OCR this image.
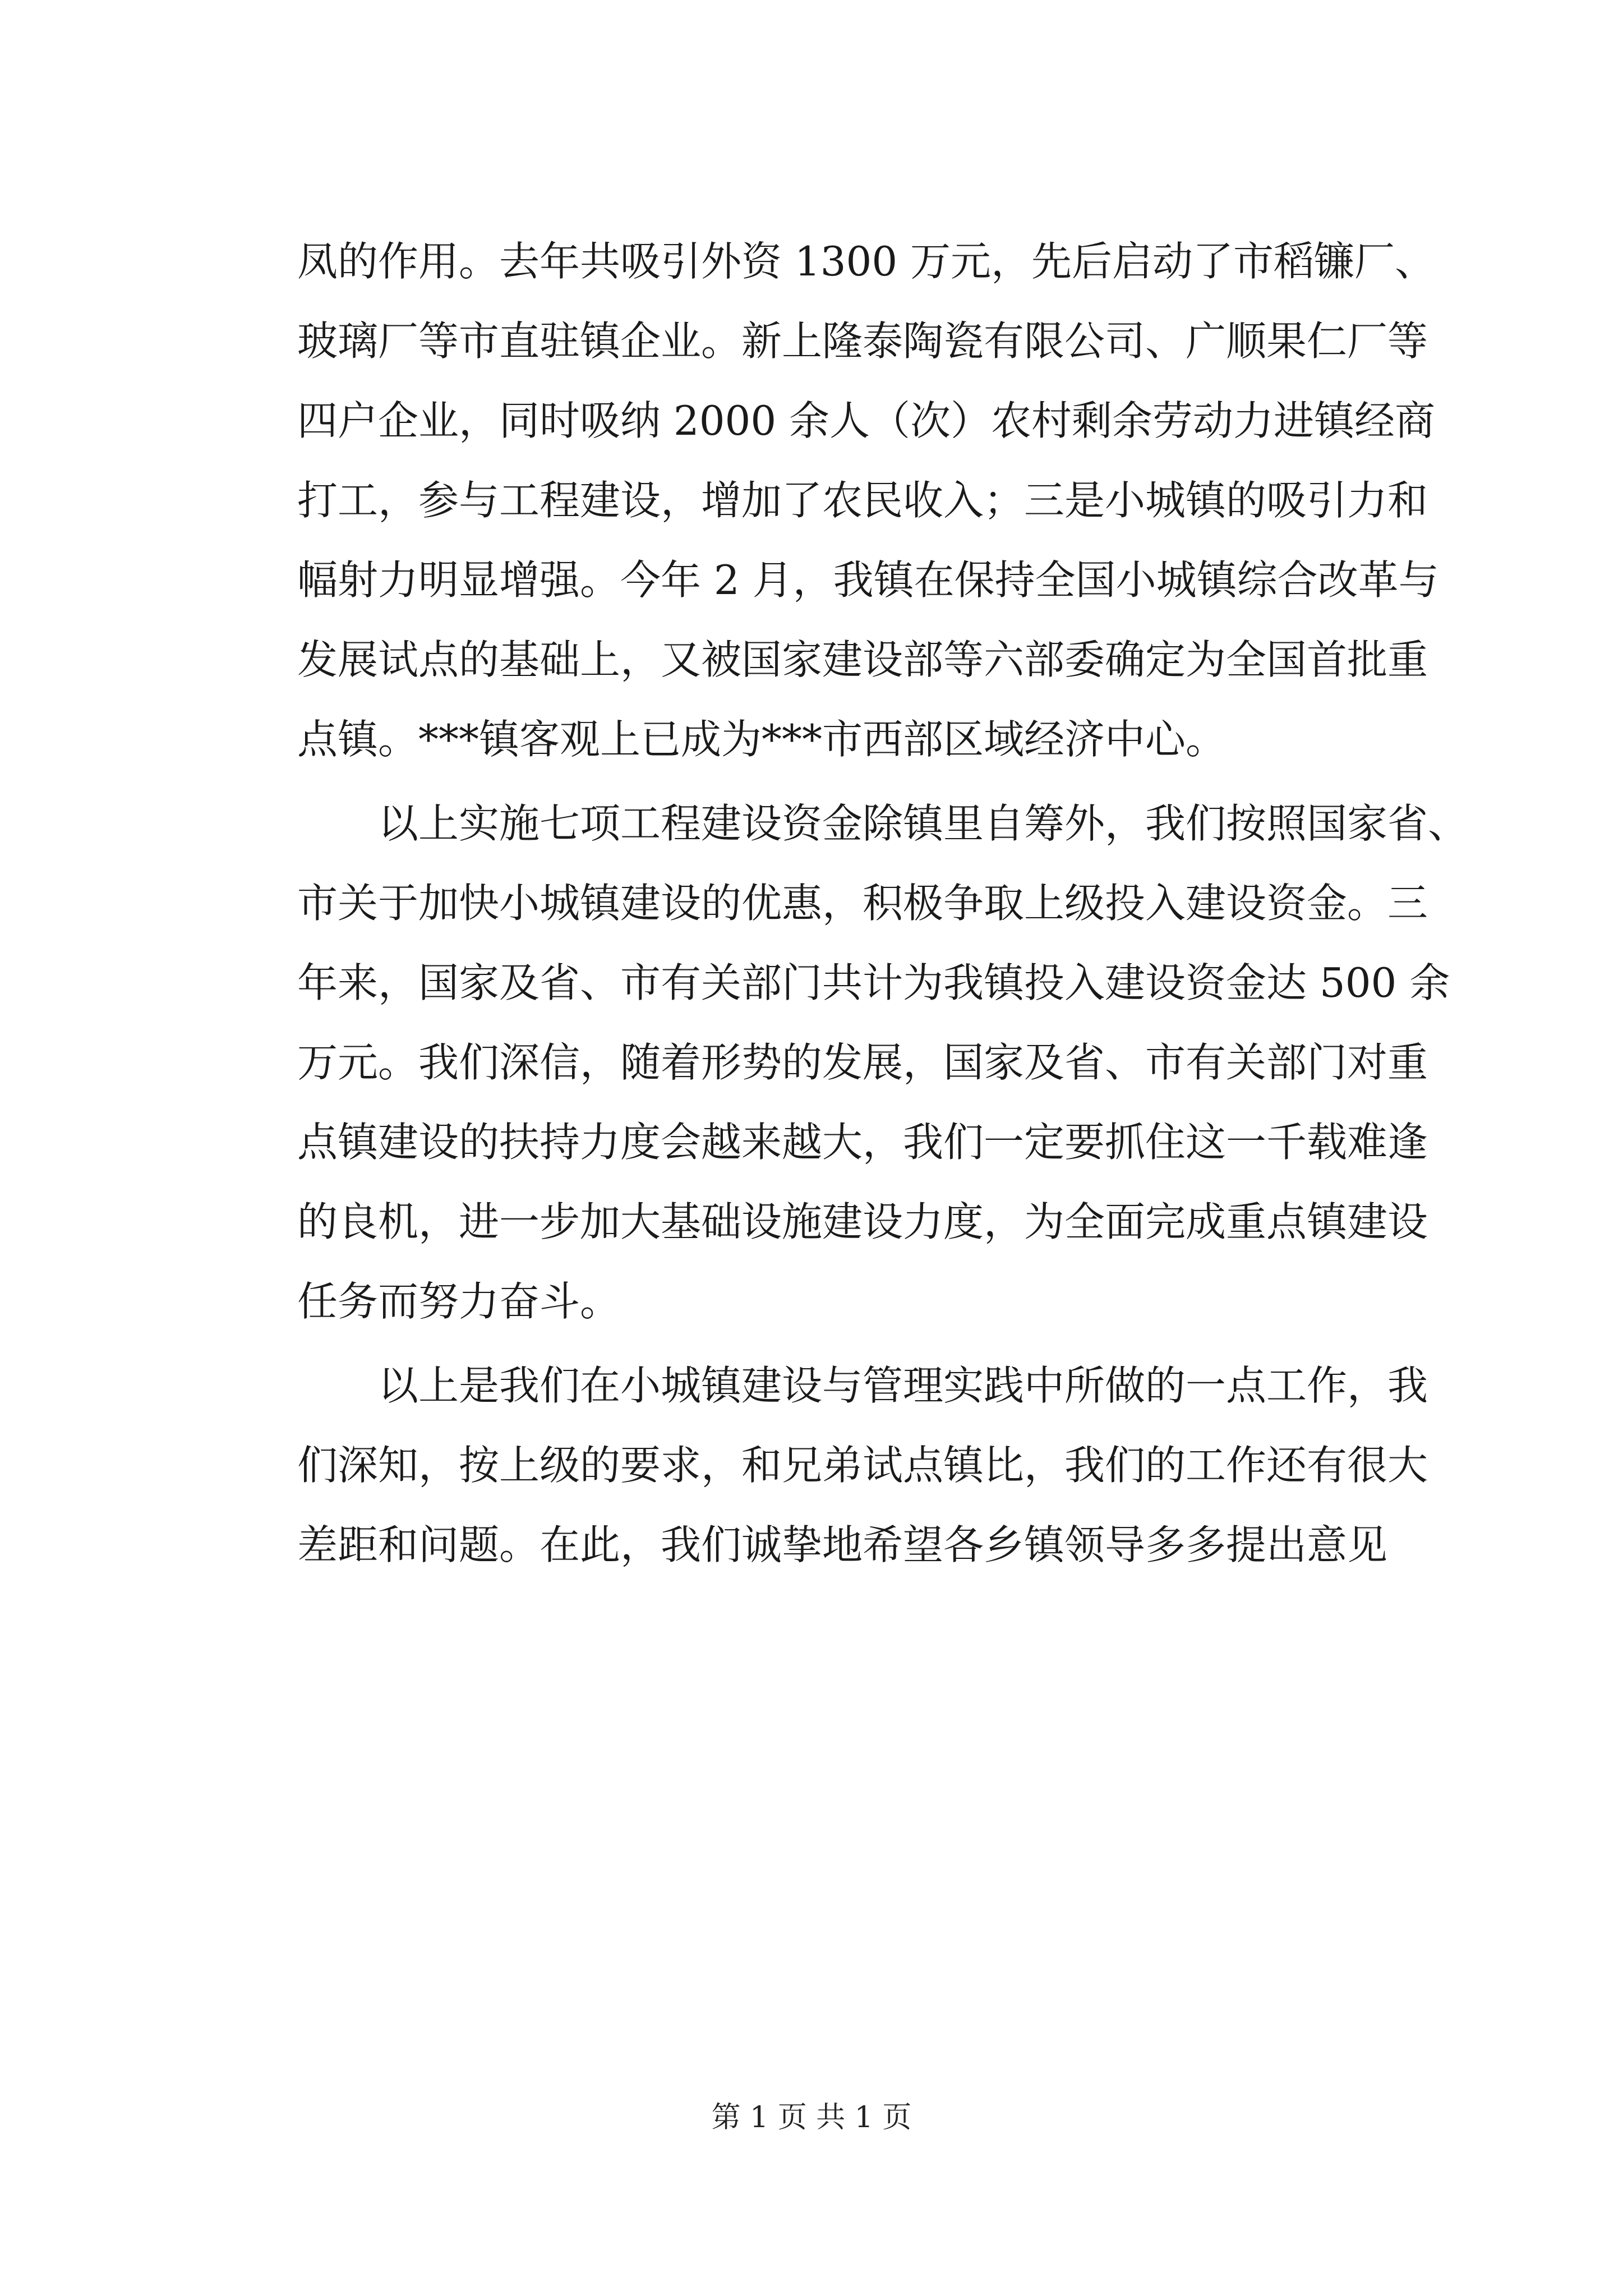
凤的作用。去年共吸引外资 1300 万元，先后启动了市稻镰厂、
玻璃厂等市直驻镇企业。新上隆泰陶瓷有限公司、广顺果仁厂等
四户企业，同时吸纳 2000 余人（次）农村剩余劳动力进镇经商
打工，参与工程建设，增加了农民收入；三是小城镇的吸引力和
幅射力明显增强。今年 2 月，我镇在保持全国小城镇综合改革与
发展试点的基础上，又被国家建设部等六部委确定为全国首批重
点镇。***镇客观上已成为***市西部区域经济中心。
　　以上实施七项工程建设资金除镇里自筹外，我们按照国家省、
市关于加快小城镇建设的优惠，积极争取上级投入建设资金。三
年来，国家及省、市有关部门共计为我镇投入建设资金达 500 余
万元。我们深信，随着形势的发展，国家及省、市有关部门对重
点镇建设的扶持力度会越来越大，我们一定要抓住这一千载难逢
的良机，进一步加大基础设施建设力度，为全面完成重点镇建设
任务而努力奋斗。
　　以上是我们在小城镇建设与管理实践中所做的一点工作，我
们深知，按上级的要求，和兄弟试点镇比，我们的工作还有很大
差距和问题。在此，我们诚挚地希望各乡镇领导多多提出意见
第 1 页 共 1 页
